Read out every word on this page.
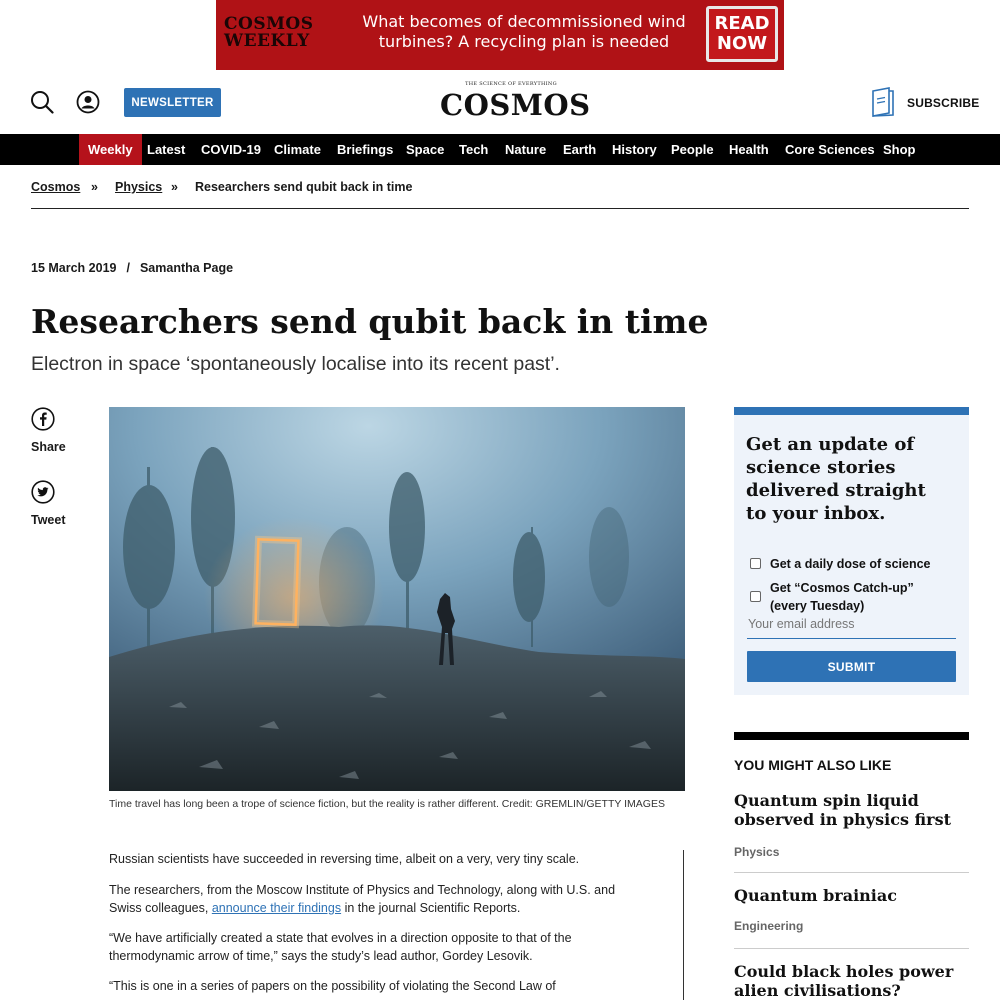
COSMOS
WEEKLY
What becomes of decommissioned wind turbines? A recycling plan is needed
READ
NOW
NEWSLETTER
THE SCIENCE OF EVERYTHING
COSMOS	SUBSCRIBE
Weekly	Latest	COVID-19	Climate	Briefings Space	Tech	Nature	Earth	History	People	Health	Core Sciences Shop
Cosmos » Physics » Researchers send qubit back in time
15 March 2019 / Samantha Page
Researchers send qubit back in time
Electron in space ‘spontaneously localise into its recent past’.
Share
Tweet
Time travel has long been a trope of science fiction, but the reality is rather different. Credit: GREMLIN/GETTY IMAGES

Russian scientists have succeeded in reversing time, albeit on a very, very tiny scale.

The researchers, from the Moscow Institute of Physics and Technology, along with U.S. and Swiss colleagues, announce their findings in the journal Scientific Reports.

“We have artificially created a state that evolves in a direction opposite to that of the thermodynamic arrow of time,” says the study’s lead author, Gordey Lesovik.

“This is one in a series of papers on the possibility of violating the Second Law of

Get an update of science stories delivered straight to your inbox.
Get a daily dose of science
Get “Cosmos Catch-up” (every Tuesday)
Your email address
SUBMIT
YOU MIGHT ALSO LIKE
Quantum spin liquid observed in physics first
Physics
Quantum brainiac
Engineering
Could black holes power alien civilisations?
